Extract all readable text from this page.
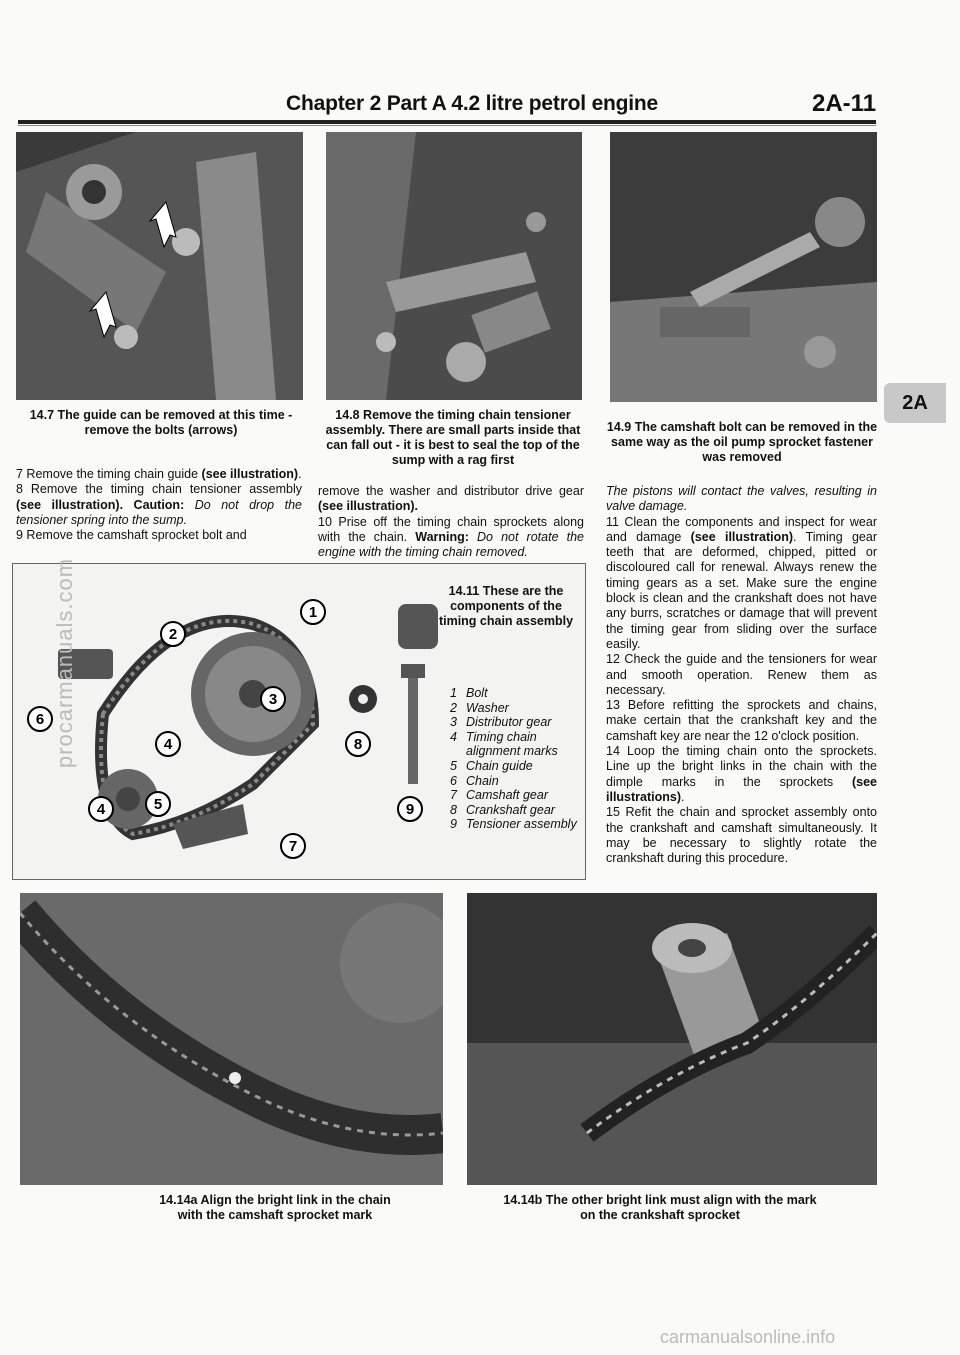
Chapter 2 Part A 4.2 litre petrol engine	2A-11
14.7 The guide can be removed at this time - remove the bolts (arrows)
14.8 Remove the timing chain tensioner assembly. There are small parts inside that can fall out - it is best to seal the top of the sump with a rag first
14.9 The camshaft bolt can be removed in the same way as the oil pump sprocket fastener was removed
2A

7 Remove the timing chain guide (see illustration).

8 Remove the timing chain tensioner assembly (see illustration). Caution: Do not drop the tensioner spring into the sump.

9 Remove the camshaft sprocket bolt and

remove the washer and distributor drive gear (see illustration).

10 Prise off the timing chain sprockets along with the chain. Warning: Do not rotate the engine with the timing chain removed.

The pistons will contact the valves, resulting in valve damage.

11 Clean the components and inspect for wear and damage (see illustration). Timing gear teeth that are deformed, chipped, pitted or discoloured call for renewal. Always renew the timing gears as a set. Make sure the engine block is clean and the crankshaft does not have any burrs, scratches or damage that will prevent the timing gear from sliding over the surface easily.

12 Check the guide and the tensioners for wear and smooth operation. Renew them as necessary.

13 Before refitting the sprockets and chains, make certain that the crankshaft key and the camshaft key are near the 12 o'clock position.

14 Loop the timing chain onto the sprockets. Line up the bright links in the chain with the dimple marks in the sprockets (see illustrations).

15 Refit the chain and sprocket assembly onto the crankshaft and camshaft simultaneously. It may be necessary to slightly rotate the crankshaft during this procedure.

1
2
3
4
4
5
6
7
8
9
14.11 These are the components of the timing chain assembly
1 Bolt
2 Washer
3 Distributor gear
4 Timing chain alignment marks
5 Chain guide
6 Chain
7 Camshaft gear
8 Crankshaft gear
9 Tensioner assembly
14.14a Align the bright link in the chain with the camshaft sprocket mark
14.14b The other bright link must align with the mark on the crankshaft sprocket
procarmanuals.com
carmanualsonline.info
